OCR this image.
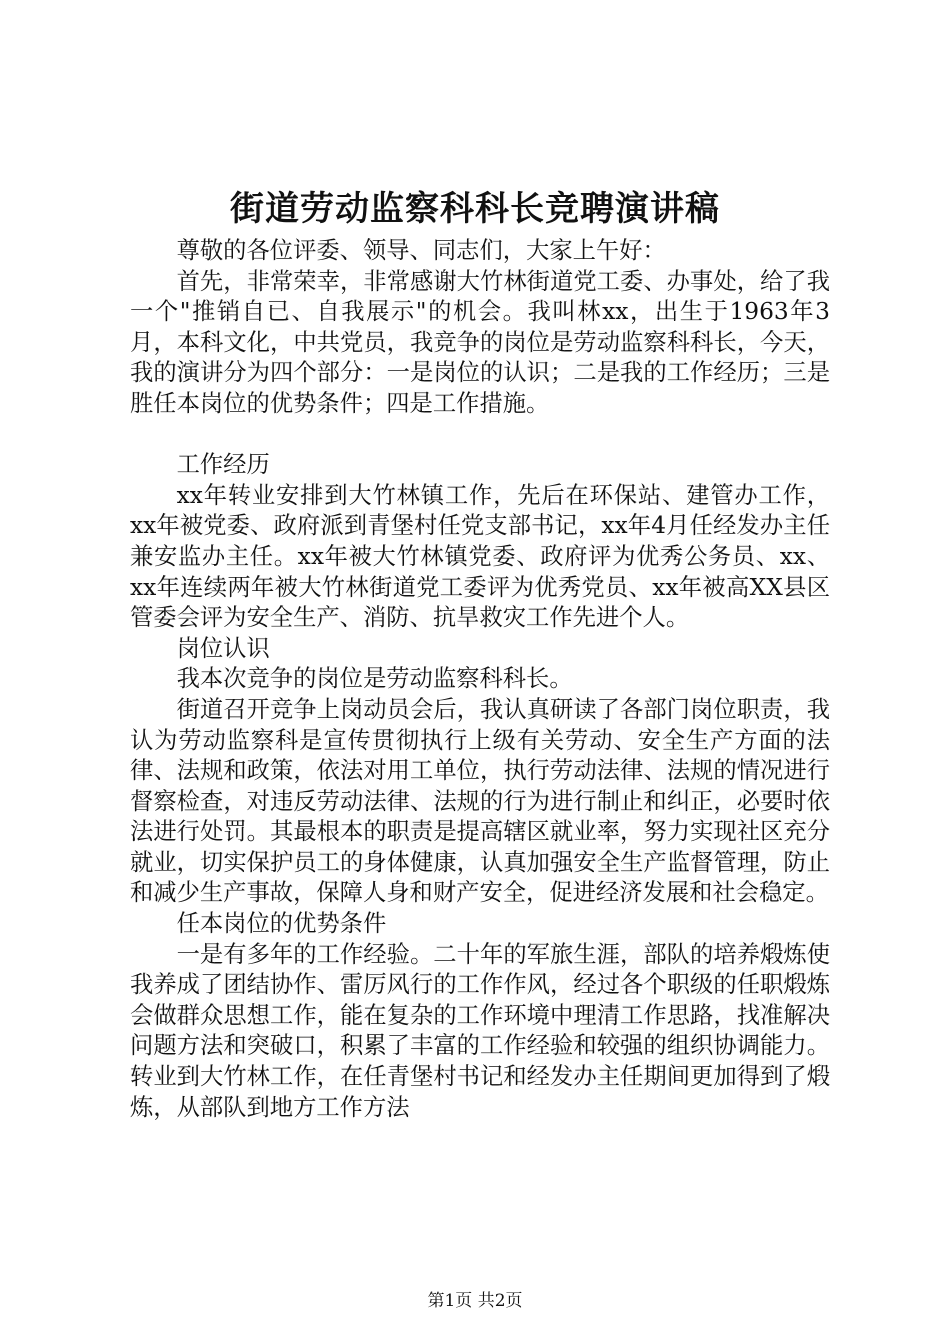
街道劳动监察科科长竞聘演讲稿

尊敬的各位评委、领导、同志们，大家上午好：

首先，非常荣幸，非常感谢大竹林街道党工委、办事处，给了我一个"推销自已、自我展示"的机会。我叫林xx，出生于1963年3月，本科文化，中共党员，我竞争的岗位是劳动监察科科长，今天，我的演讲分为四个部分：一是岗位的认识；二是我的工作经历；三是胜任本岗位的优势条件；四是工作措施。

工作经历

xx年转业安排到大竹林镇工作，先后在环保站、建管办工作，xx年被党委、政府派到青堡村任党支部书记，xx年4月任经发办主任兼安监办主任。xx年被大竹林镇党委、政府评为优秀公务员、xx、xx年连续两年被大竹林街道党工委评为优秀党员、xx年被高XX县区管委会评为安全生产、消防、抗旱救灾工作先进个人。

岗位认识

我本次竞争的岗位是劳动监察科科长。

街道召开竞争上岗动员会后，我认真研读了各部门岗位职责，我认为劳动监察科是宣传贯彻执行上级有关劳动、安全生产方面的法律、法规和政策，依法对用工单位，执行劳动法律、法规的情况进行督察检查，对违反劳动法律、法规的行为进行制止和纠正，必要时依法进行处罚。其最根本的职责是提高辖区就业率，努力实现社区充分就业，切实保护员工的身体健康，认真加强安全生产监督管理，防止和减少生产事故，保障人身和财产安全，促进经济发展和社会稳定。

任本岗位的优势条件

一是有多年的工作经验。二十年的军旅生涯，部队的培养煅炼使我养成了团结协作、雷厉风行的工作作风，经过各个职级的任职煅炼会做群众思想工作，能在复杂的工作环境中理清工作思路，找准解决问题方法和突破口，积累了丰富的工作经验和较强的组织协调能力。转业到大竹林工作，在任青堡村书记和经发办主任期间更加得到了煅炼，从部队到地方工作方法

第1页 共2页
